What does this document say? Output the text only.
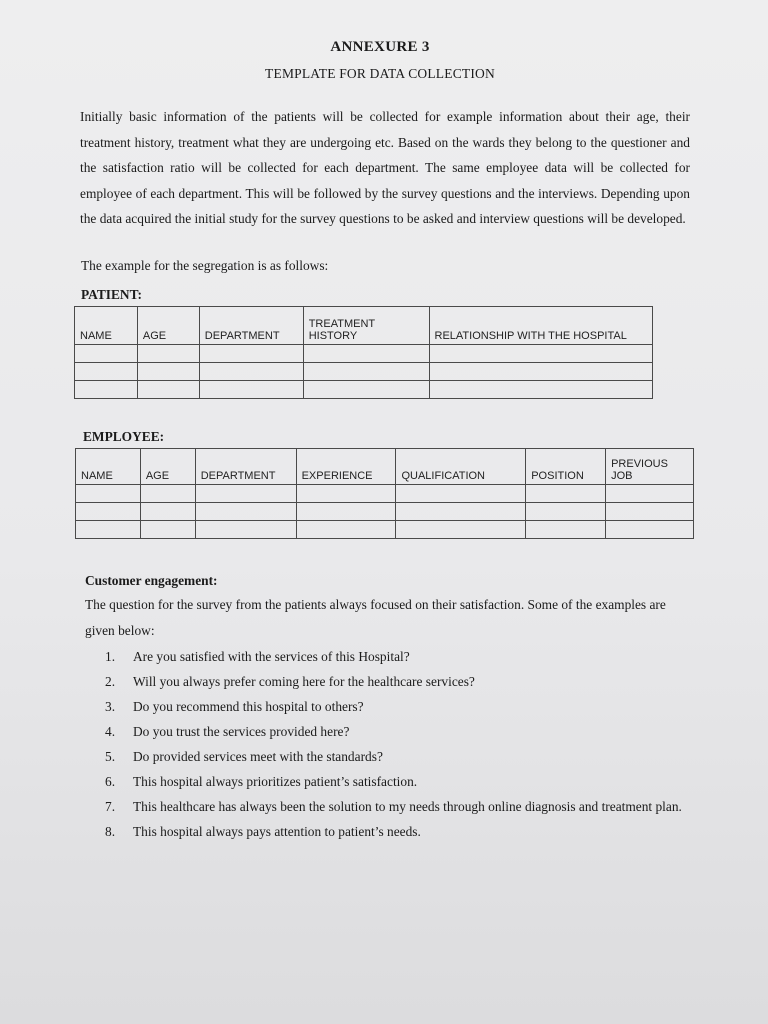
ANNEXURE 3
TEMPLATE FOR DATA COLLECTION

Initially basic information of the patients will be collected for example information about their age, their treatment history, treatment what they are undergoing etc. Based on the wards they belong to the questioner and the satisfaction ratio will be collected for each department. The same employee data will be collected for employee of each department. This will be followed by the survey questions and the interviews. Depending upon the data acquired the initial study for the survey questions to be asked and interview questions will be developed.

The example for the segregation is as follows:
PATIENT:
NAME	AGE	DEPARTMENT	TREATMENT HISTORY	RELATIONSHIP WITH THE HOSPITAL

EMPLOYEE:
NAME	AGE	DEPARTMENT	EXPERIENCE	QUALIFICATION	POSITION	PREVIOUS JOB

Customer engagement:

The question for the survey from the patients always focused on their satisfaction. Some of the examples are given below:

1.	Are you satisfied with the services of this Hospital?
2.	Will you always prefer coming here for the healthcare services?
3.	Do you recommend this hospital to others?
4.	Do you trust the services provided here?
5.	Do provided services meet with the standards?
6.	This hospital always prioritizes patient’s satisfaction.
7.	This healthcare has always been the solution to my needs through online diagnosis and treatment plan.
8.	This hospital always pays attention to patient’s needs.
